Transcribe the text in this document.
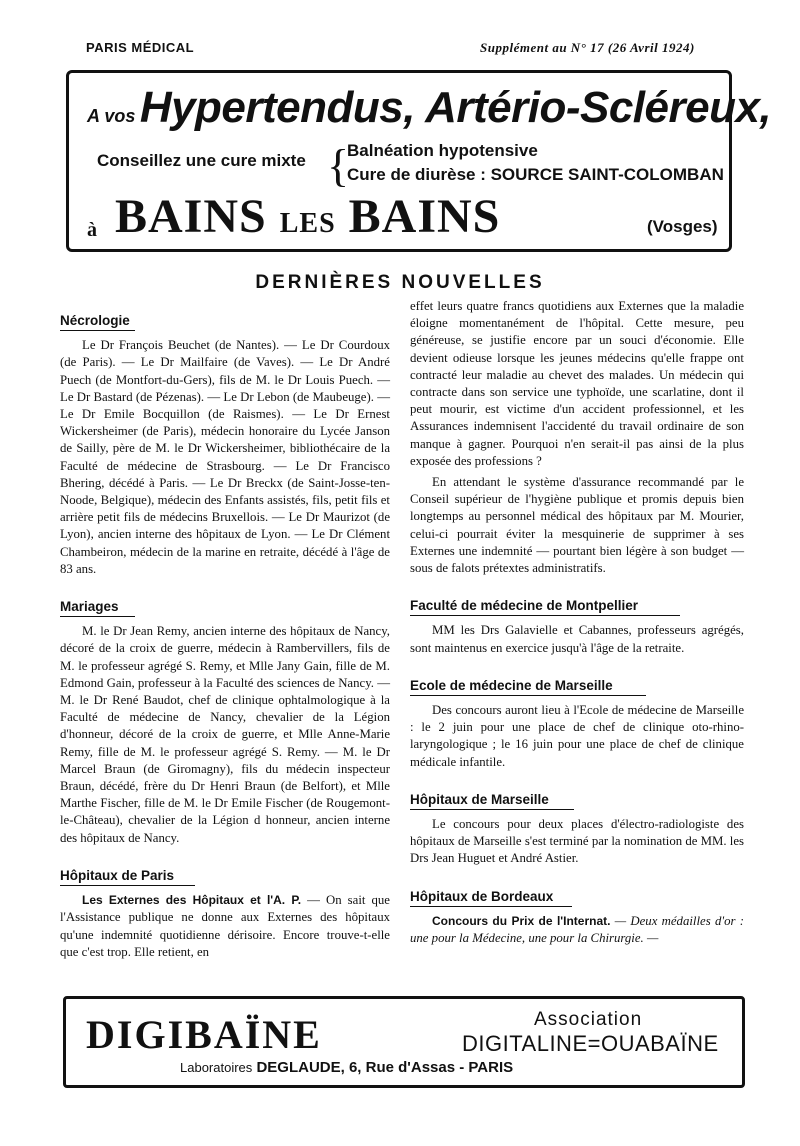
PARIS MÉDICAL	Supplément au N° 17 (26 Avril 1924)
A vos Hypertendus, Artério-Scléreux,
Conseillez une cure mixte {
Balnéation hypotensive
Cure de diurèse : SOURCE SAINT-COLOMBAN
à BAINS LES BAINS	(Vosges)
DERNIÈRES NOUVELLES
Nécrologie

Le Dr François Beuchet (de Nantes). — Le Dr Courdoux (de Paris). — Le Dr Mailfaire (de Vaves). — Le Dr André Puech (de Montfort-du-Gers), fils de M. le Dr Louis Puech. — Le Dr Bastard (de Pézenas). — Le Dr Lebon (de Maubeuge). — Le Dr Emile Bocquillon (de Raismes). — Le Dr Ernest Wickersheimer (de Paris), médecin honoraire du Lycée Janson de Sailly, père de M. le Dr Wickersheimer, bibliothécaire de la Faculté de médecine de Strasbourg. — Le Dr Francisco Bhering, décédé à Paris. — Le Dr Breckx (de Saint-Josse-ten-Noode, Belgique), médecin des Enfants assistés, fils, petit fils et arrière petit fils de médecins Bruxellois. — Le Dr Maurizot (de Lyon), ancien interne des hôpitaux de Lyon. — Le Dr Clément Chambeiron, médecin de la marine en retraite, décédé à l'âge de 83 ans.

Mariages

M. le Dr Jean Remy, ancien interne des hôpitaux de Nancy, décoré de la croix de guerre, médecin à Rambervillers, fils de M. le professeur agrégé S. Remy, et Mlle Jany Gain, fille de M. Edmond Gain, professeur à la Faculté des sciences de Nancy. — M. le Dr René Baudot, chef de clinique ophtalmologique à la Faculté de médecine de Nancy, chevalier de la Légion d'honneur, décoré de la croix de guerre, et Mlle Anne-Marie Remy, fille de M. le professeur agrégé S. Remy. — M. le Dr Marcel Braun (de Giromagny), fils du médecin inspecteur Braun, décédé, frère du Dr Henri Braun (de Belfort), et Mlle Marthe Fischer, fille de M. le Dr Emile Fischer (de Rougemont-le-Château), chevalier de la Légion d honneur, ancien interne des hôpitaux de Nancy.

Hôpitaux de Paris

Les Externes des Hôpitaux et l'A. P. — On sait que l'Assistance publique ne donne aux Externes des hôpitaux qu'une indemnité quotidienne dérisoire. Encore trouve-t-elle que c'est trop. Elle retient, en

effet leurs quatre francs quotidiens aux Externes que la maladie éloigne momentanément de l'hôpital. Cette mesure, peu généreuse, se justifie encore par un souci d'économie. Elle devient odieuse lorsque les jeunes médecins qu'elle frappe ont contracté leur maladie au chevet des malades. Un médecin qui contracte dans son service une typhoïde, une scarlatine, dont il peut mourir, est victime d'un accident professionnel, et les Assurances indemnisent l'accidenté du travail ordinaire de son manque à gagner. Pourquoi n'en serait-il pas ainsi de la plus exposée des professions ?

En attendant le système d'assurance recommandé par le Conseil supérieur de l'hygiène publique et promis depuis bien longtemps au personnel médical des hôpitaux par M. Mourier, celui-ci pourrait éviter la mesquinerie de supprimer à ses Externes une indemnité — pourtant bien légère à son budget — sous de falots prétextes administratifs.

Faculté de médecine de Montpellier

MM les Drs Galavielle et Cabannes, professeurs agrégés, sont maintenus en exercice jusqu'à l'âge de la retraite.

Ecole de médecine de Marseille

Des concours auront lieu à l'Ecole de médecine de Marseille : le 2 juin pour une place de chef de clinique oto-rhino-laryngologique ; le 16 juin pour une place de chef de clinique médicale infantile.

Hôpitaux de Marseille

Le concours pour deux places d'électro-radiologiste des hôpitaux de Marseille s'est terminé par la nomination de MM. les Drs Jean Huguet et André Astier.

Hôpitaux de Bordeaux

Concours du Prix de l'Internat. — Deux médailles d'or : une pour la Médecine, une pour la Chirurgie. —

DIGIBAÏNE	Association
DIGITALINE=OUABAÏNE
Laboratoires DEGLAUDE, 6, Rue d'Assas - PARIS
